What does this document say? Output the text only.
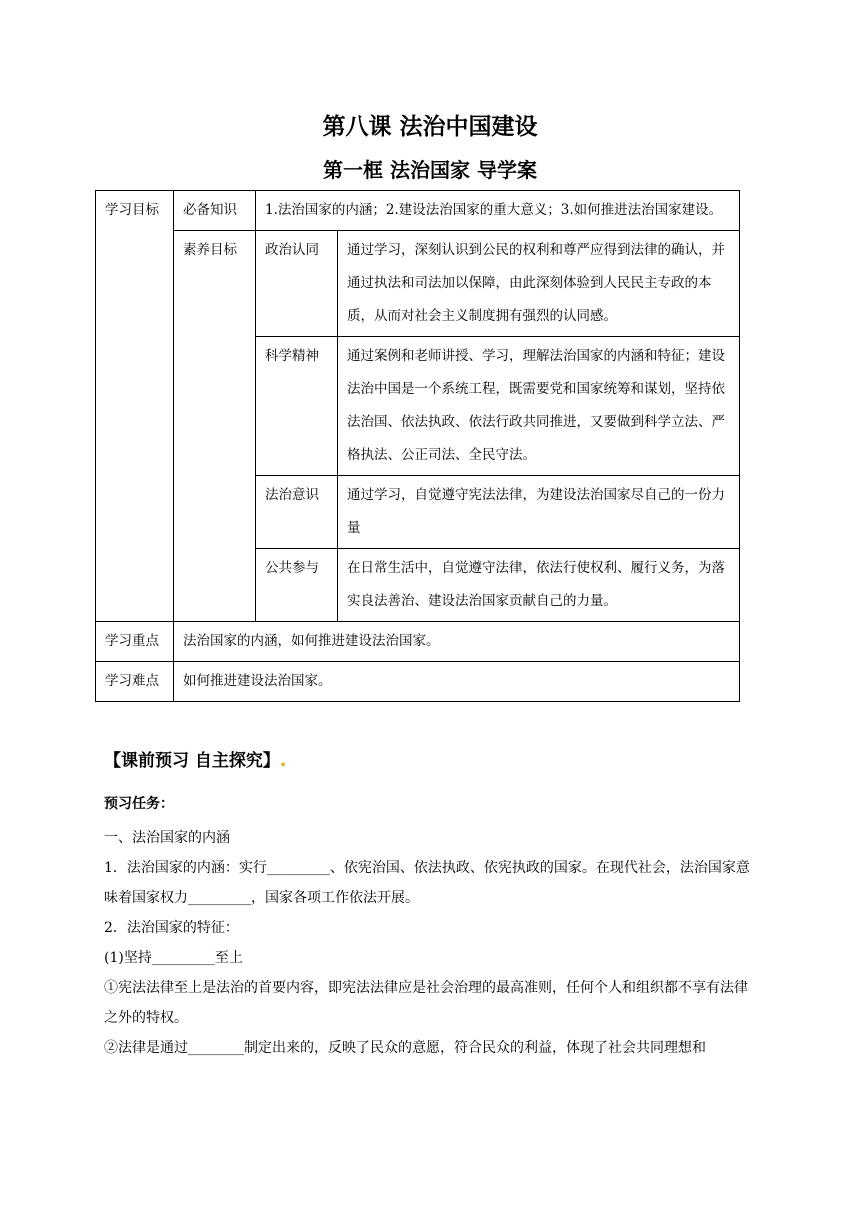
第八课 法治中国建设
第一框 法治国家 导学案
学习目标	必备知识	1.法治国家的内涵；2.建设法治国家的重大意义；3.如何推进法治国家建设。	
	素养目标	政治认同	通过学习，深刻认识到公民的权利和尊严应得到法律的确认，并通过执法和司法加以保障，由此深刻体验到人民民主专政的本质，从而对社会主义制度拥有强烈的认同感。
		科学精神	通过案例和老师讲授、学习，理解法治国家的内涵和特征；建设法治中国是一个系统工程，既需要党和国家统筹和谋划，坚持依法治国、依法执政、依法行政共同推进，又要做到科学立法、严格执法、公正司法、全民守法。
		法治意识	通过学习，自觉遵守宪法法律，为建设法治国家尽自己的一份力量
		公共参与	在日常生活中，自觉遵守法律，依法行使权利、履行义务，为落实良法善治、建设法治国家贡献自己的力量。
学习重点	法治国家的内涵，如何推进建设法治国家。		
学习难点	如何推进建设法治国家。		
【课前预习 自主探究】.
预习任务：

一、法治国家的内涵

1．法治国家的内涵：实行_________、依宪治国、依法执政、依宪执政的国家。在现代社会，法治国家意味着国家权力_________，国家各项工作依法开展。

2．法治国家的特征：

(1)坚持_________至上

①宪法法律至上是法治的首要内容，即宪法法律应是社会治理的最高准则，任何个人和组织都不享有法律之外的特权。

②法律是通过________制定出来的，反映了民众的意愿，符合民众的利益，体现了社会共同理想和
